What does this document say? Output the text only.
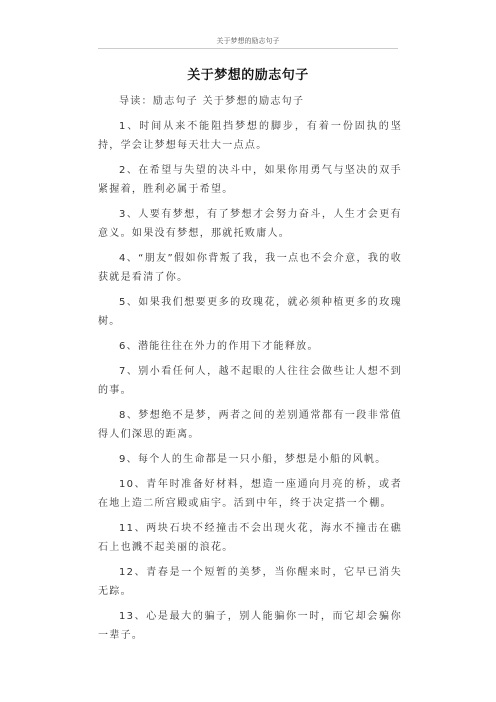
关于梦想的励志句子
关于梦想的励志句子

导读：励志句子 关于梦想的励志句子

1、时间从来不能阻挡梦想的脚步，有着一份固执的坚持，学会让梦想每天壮大一点点。

2、在希望与失望的决斗中，如果你用勇气与坚决的双手紧握着，胜利必属于希望。

3、人要有梦想，有了梦想才会努力奋斗，人生才会更有意义。如果没有梦想，那就托败庸人。

4、“朋友”假如你背叛了我，我一点也不会介意，我的收获就是看清了你。

5、如果我们想要更多的玫瑰花，就必须种植更多的玫瑰树。

6、潜能往往在外力的作用下才能释放。

7、别小看任何人，越不起眼的人往往会做些让人想不到的事。

8、梦想绝不是梦，两者之间的差别通常都有一段非常值得人们深思的距离。

9、每个人的生命都是一只小船，梦想是小船的风帆。

10、青年时准备好材料，想造一座通向月亮的桥，或者在地上造二所宫殿或庙宇。活到中年，终于决定搭一个棚。

11、两块石块不经撞击不会出现火花，海水不撞击在礁石上也溅不起美丽的浪花。

12、青春是一个短暂的美梦，当你醒来时，它早已消失无踪。

13、心是最大的骗子，别人能骗你一时，而它却会骗你一辈子。
